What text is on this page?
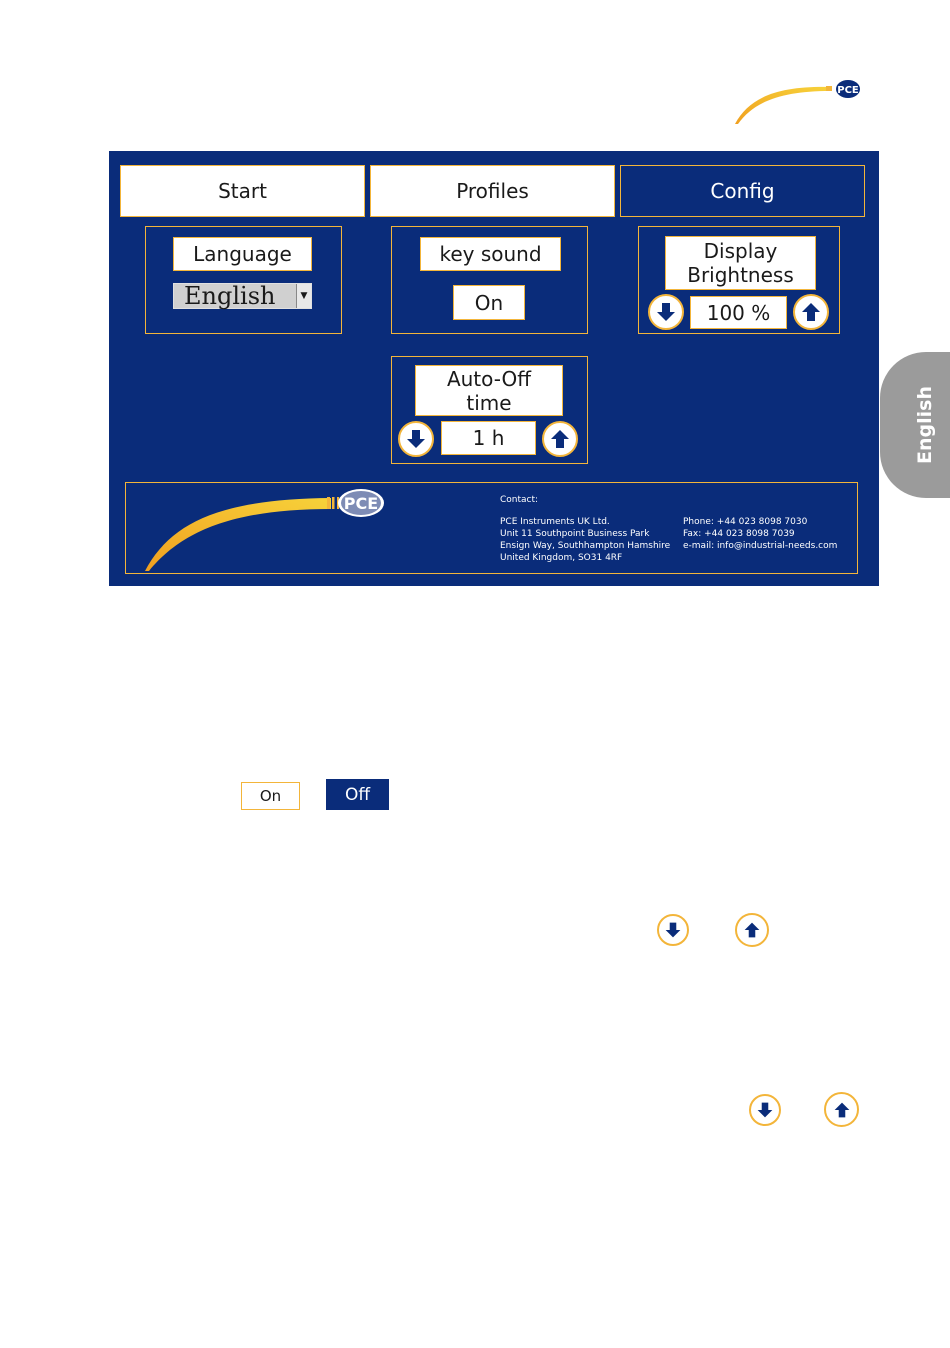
PCE
English
Start	Profiles	Config
Language
English	▼
key sound
On
Display
Brightness
100 %
Auto-Off
time
1 h
PCE	Contact:
PCE Instruments UK Ltd.
Unit 11 Southpoint Business Park
Ensign Way, Southhampton Hamshire
United Kingdom, SO31 4RF
Phone: +44 023 8098 7030
Fax: +44 023 8098 7039
e-mail: info@industrial-needs.com
On	Off
